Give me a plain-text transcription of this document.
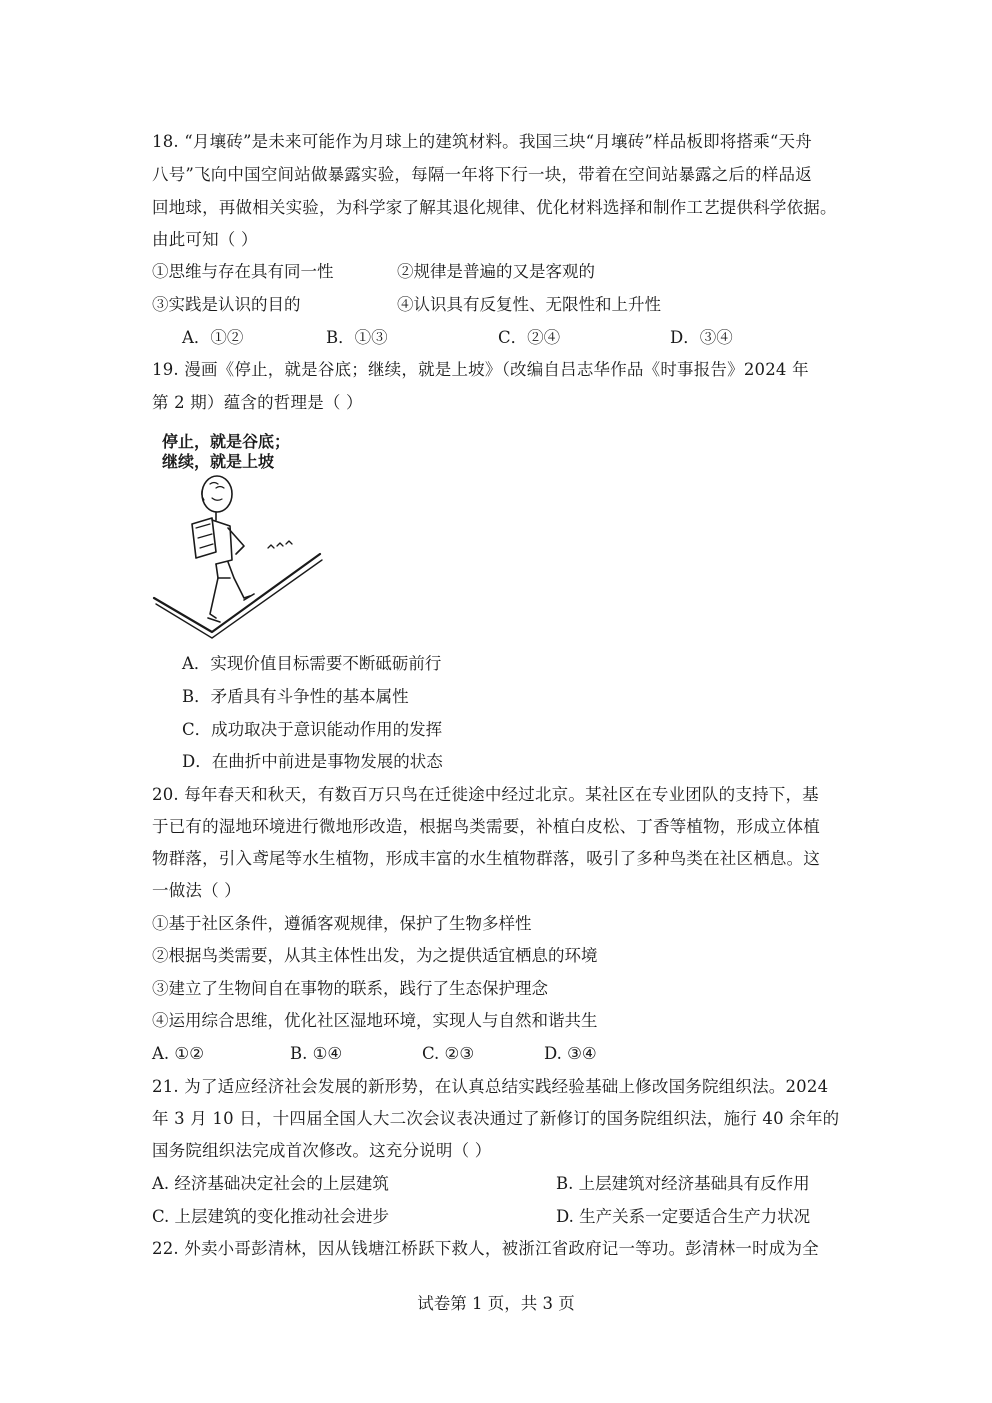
18. “月壤砖”是未来可能作为月球上的建筑材料。我国三块“月壤砖”样品板即将搭乘“天舟
八号”飞向中国空间站做暴露实验，每隔一年将下行一块，带着在空间站暴露之后的样品返
回地球，再做相关实验，为科学家了解其退化规律、优化材料选择和制作工艺提供科学依据。
由此可知（ ）
①思维与存在具有同一性	②规律是普遍的又是客观的
③实践是认识的目的	④认识具有反复性、无限性和上升性
A．①②	B．①③	C．②④	D．③④
19. 漫画《停止，就是谷底；继续，就是上坡》（改编自吕志华作品《时事报告》2024 年
第 2 期）蕴含的哲理是（ ）
停止，就是谷底；
继续，就是上坡
A．实现价值目标需要不断砥砺前行
B．矛盾具有斗争性的基本属性
C．成功取决于意识能动作用的发挥
D．在曲折中前进是事物发展的状态
20. 每年春天和秋天，有数百万只鸟在迁徙途中经过北京。某社区在专业团队的支持下，基
于已有的湿地环境进行微地形改造，根据鸟类需要，补植白皮松、丁香等植物，形成立体植
物群落，引入鸢尾等水生植物，形成丰富的水生植物群落，吸引了多种鸟类在社区栖息。这
一做法（ ）
①基于社区条件，遵循客观规律，保护了生物多样性
②根据鸟类需要，从其主体性出发，为之提供适宜栖息的环境
③建立了生物间自在事物的联系，践行了生态保护理念
④运用综合思维，优化社区湿地环境，实现人与自然和谐共生
A. ①②	B. ①④	C. ②③	D. ③④
21. 为了适应经济社会发展的新形势，在认真总结实践经验基础上修改国务院组织法。2024
年 3 月 10 日，十四届全国人大二次会议表决通过了新修订的国务院组织法，施行 40 余年的
国务院组织法完成首次修改。这充分说明（ ）
A. 经济基础决定社会的上层建筑	B. 上层建筑对经济基础具有反作用
C. 上层建筑的变化推动社会进步	D. 生产关系一定要适合生产力状况
22. 外卖小哥彭清林，因从钱塘江桥跃下救人，被浙江省政府记一等功。彭清林一时成为全
试卷第 1 页，共 3 页
